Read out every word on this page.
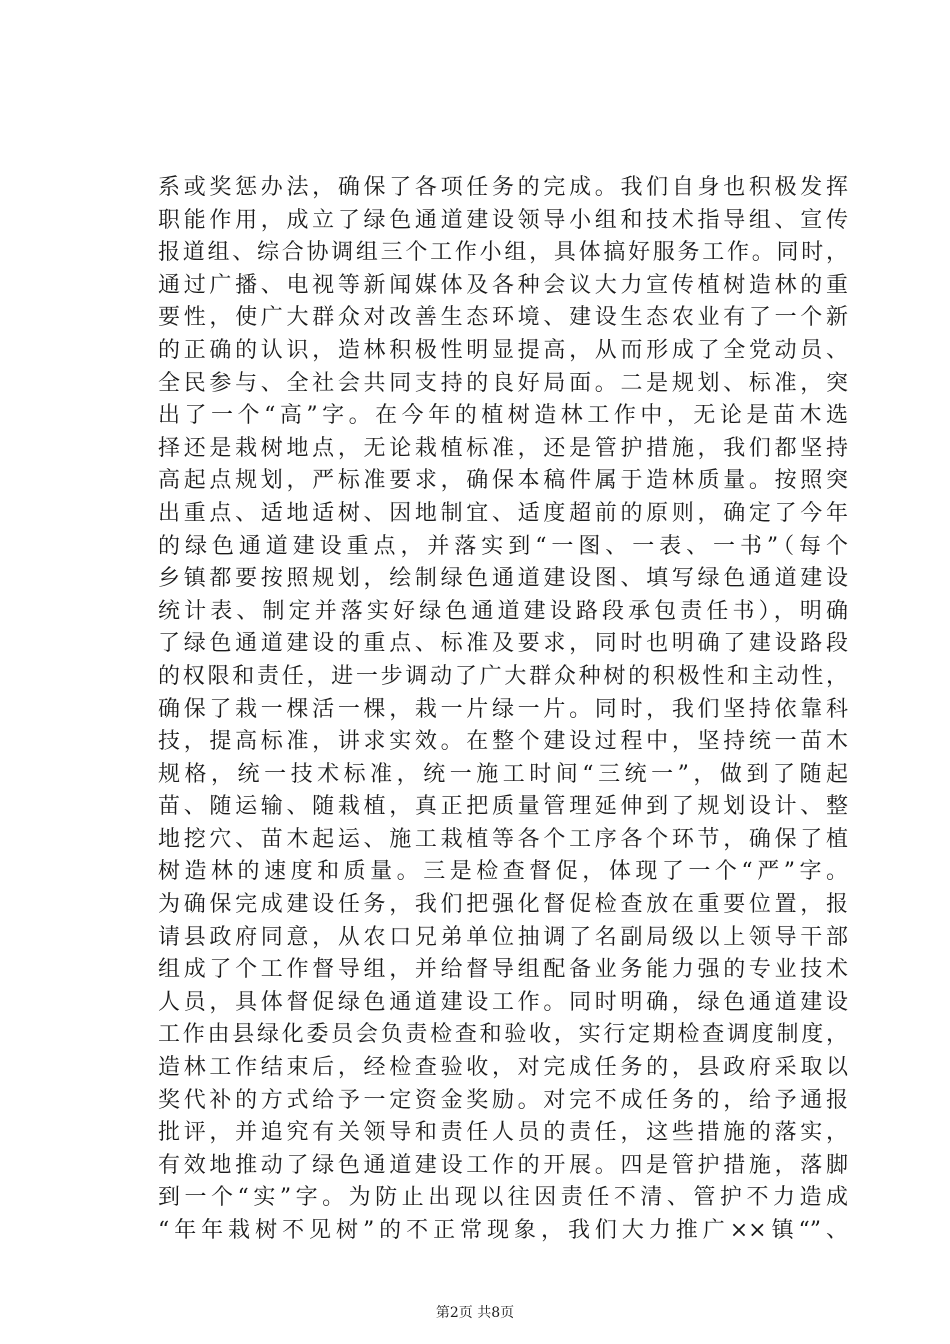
系或奖惩办法，确保了各项任务的完成。我们自身也积极发挥
职能作用，成立了绿色通道建设领导小组和技术指导组、宣传
报道组、综合协调组三个工作小组，具体搞好服务工作。同时，
通过广播、电视等新闻媒体及各种会议大力宣传植树造林的重
要性，使广大群众对改善生态环境、建设生态农业有了一个新
的正确的认识，造林积极性明显提高，从而形成了全党动员、
全民参与、全社会共同支持的良好局面。二是规划、标准，突
出了一个“高”字。在今年的植树造林工作中，无论是苗木选
择还是栽树地点，无论栽植标准，还是管护措施，我们都坚持
高起点规划，严标准要求，确保本稿件属于造林质量。按照突
出重点、适地适树、因地制宜、适度超前的原则，确定了今年
的绿色通道建设重点，并落实到“一图、一表、一书”（每个
乡镇都要按照规划，绘制绿色通道建设图、填写绿色通道建设
统计表、制定并落实好绿色通道建设路段承包责任书），明确
了绿色通道建设的重点、标准及要求，同时也明确了建设路段
的权限和责任，进一步调动了广大群众种树的积极性和主动性，
确保了栽一棵活一棵，栽一片绿一片。同时，我们坚持依靠科
技，提高标准，讲求实效。在整个建设过程中，坚持统一苗木
规格，统一技术标准，统一施工时间“三统一”，做到了随起
苗、随运输、随栽植，真正把质量管理延伸到了规划设计、整
地挖穴、苗木起运、施工栽植等各个工序各个环节，确保了植
树造林的速度和质量。三是检查督促，体现了一个“严”字。
为确保完成建设任务，我们把强化督促检查放在重要位置，报
请县政府同意，从农口兄弟单位抽调了名副局级以上领导干部
组成了个工作督导组，并给督导组配备业务能力强的专业技术
人员，具体督促绿色通道建设工作。同时明确，绿色通道建设
工作由县绿化委员会负责检查和验收，实行定期检查调度制度，
造林工作结束后，经检查验收，对完成任务的，县政府采取以
奖代补的方式给予一定资金奖励。对完不成任务的，给予通报
批评，并追究有关领导和责任人员的责任，这些措施的落实，
有效地推动了绿色通道建设工作的开展。四是管护措施，落脚
到一个“实”字。为防止出现以往因责任不清、管护不力造成
“年年栽树不见树”的不正常现象，我们大力推广××镇“”、
第2页 共8页
